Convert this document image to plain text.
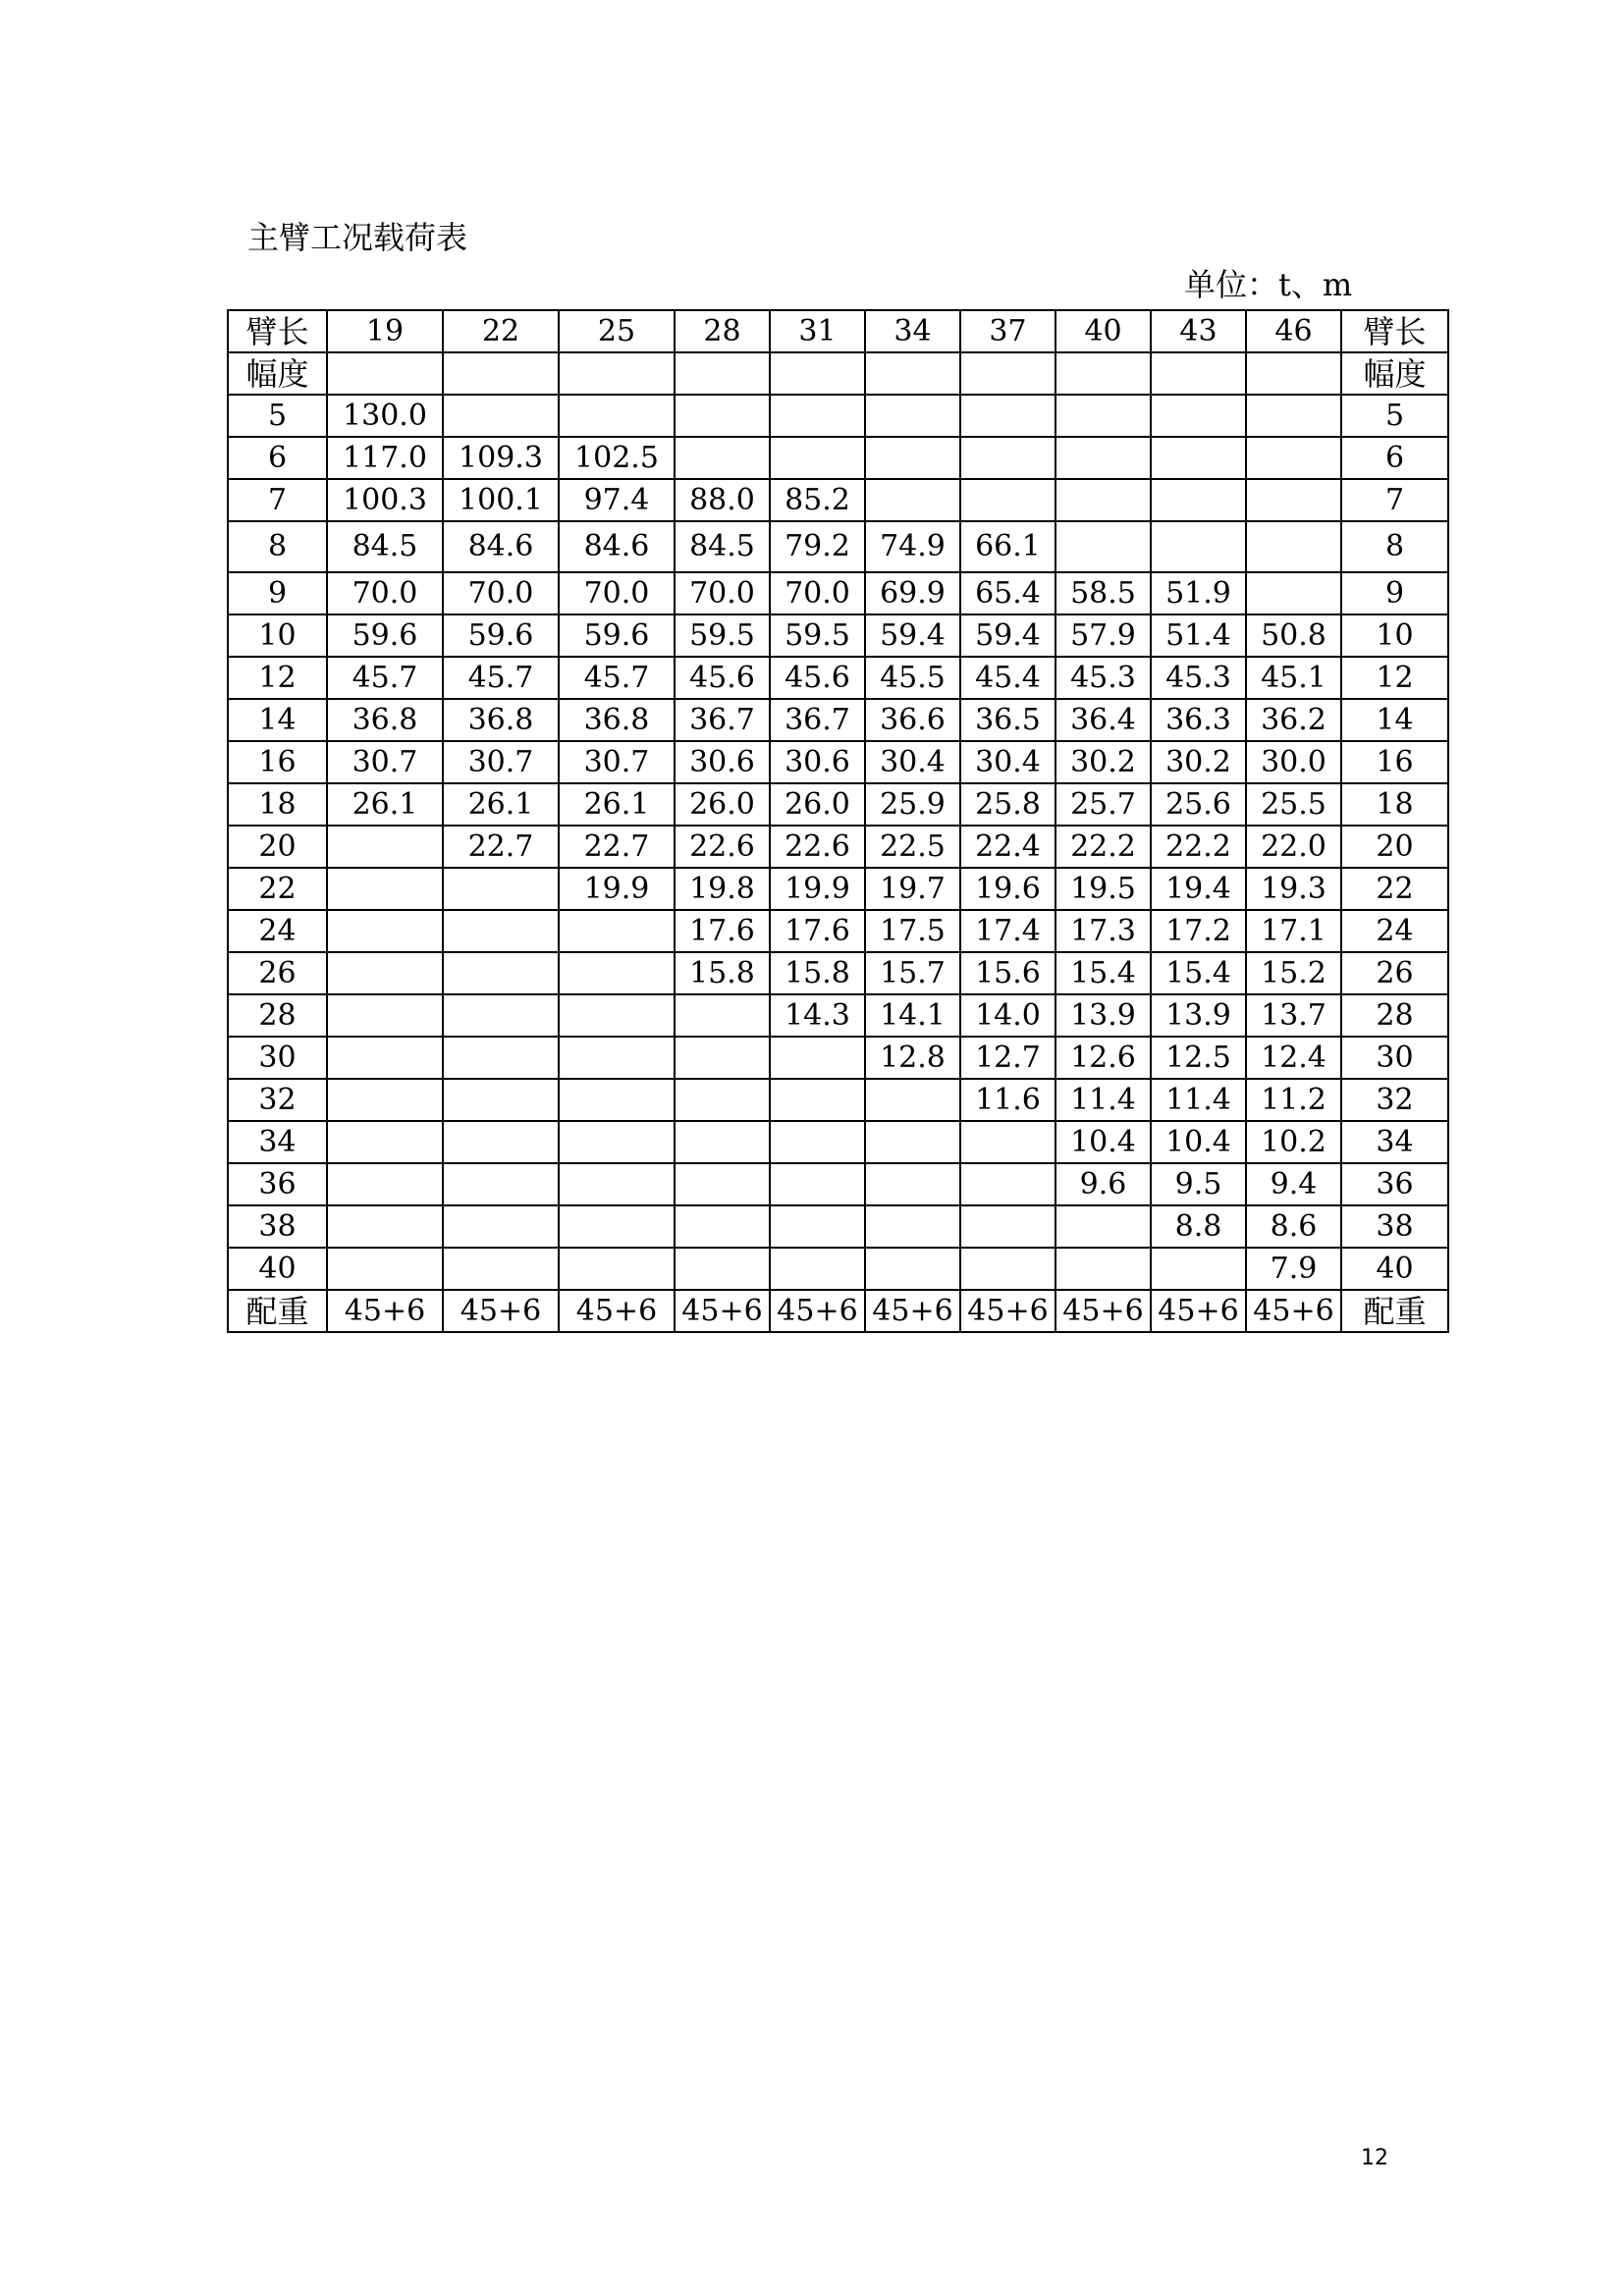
主臂工况载荷表
单位：t、m
臂长	19	22	25	28	31	34	37	40	43	46	臂长
幅度											幅度
5	130.0										5
6	117.0	109.3	102.5								6
7	100.3	100.1	97.4	88.0	85.2						7
8	84.5	84.6	84.6	84.5	79.2	74.9	66.1				8
9	70.0	70.0	70.0	70.0	70.0	69.9	65.4	58.5	51.9		9
10	59.6	59.6	59.6	59.5	59.5	59.4	59.4	57.9	51.4	50.8	10
12	45.7	45.7	45.7	45.6	45.6	45.5	45.4	45.3	45.3	45.1	12
14	36.8	36.8	36.8	36.7	36.7	36.6	36.5	36.4	36.3	36.2	14
16	30.7	30.7	30.7	30.6	30.6	30.4	30.4	30.2	30.2	30.0	16
18	26.1	26.1	26.1	26.0	26.0	25.9	25.8	25.7	25.6	25.5	18
20		22.7	22.7	22.6	22.6	22.5	22.4	22.2	22.2	22.0	20
22			19.9	19.8	19.9	19.7	19.6	19.5	19.4	19.3	22
24				17.6	17.6	17.5	17.4	17.3	17.2	17.1	24
26				15.8	15.8	15.7	15.6	15.4	15.4	15.2	26
28					14.3	14.1	14.0	13.9	13.9	13.7	28
30						12.8	12.7	12.6	12.5	12.4	30
32							11.6	11.4	11.4	11.2	32
34								10.4	10.4	10.2	34
36								9.6	9.5	9.4	36
38									8.8	8.6	38
40										7.9	40
配重	45+6	45+6	45+6	45+6	45+6	45+6	45+6	45+6	45+6	45+6	配重
12
